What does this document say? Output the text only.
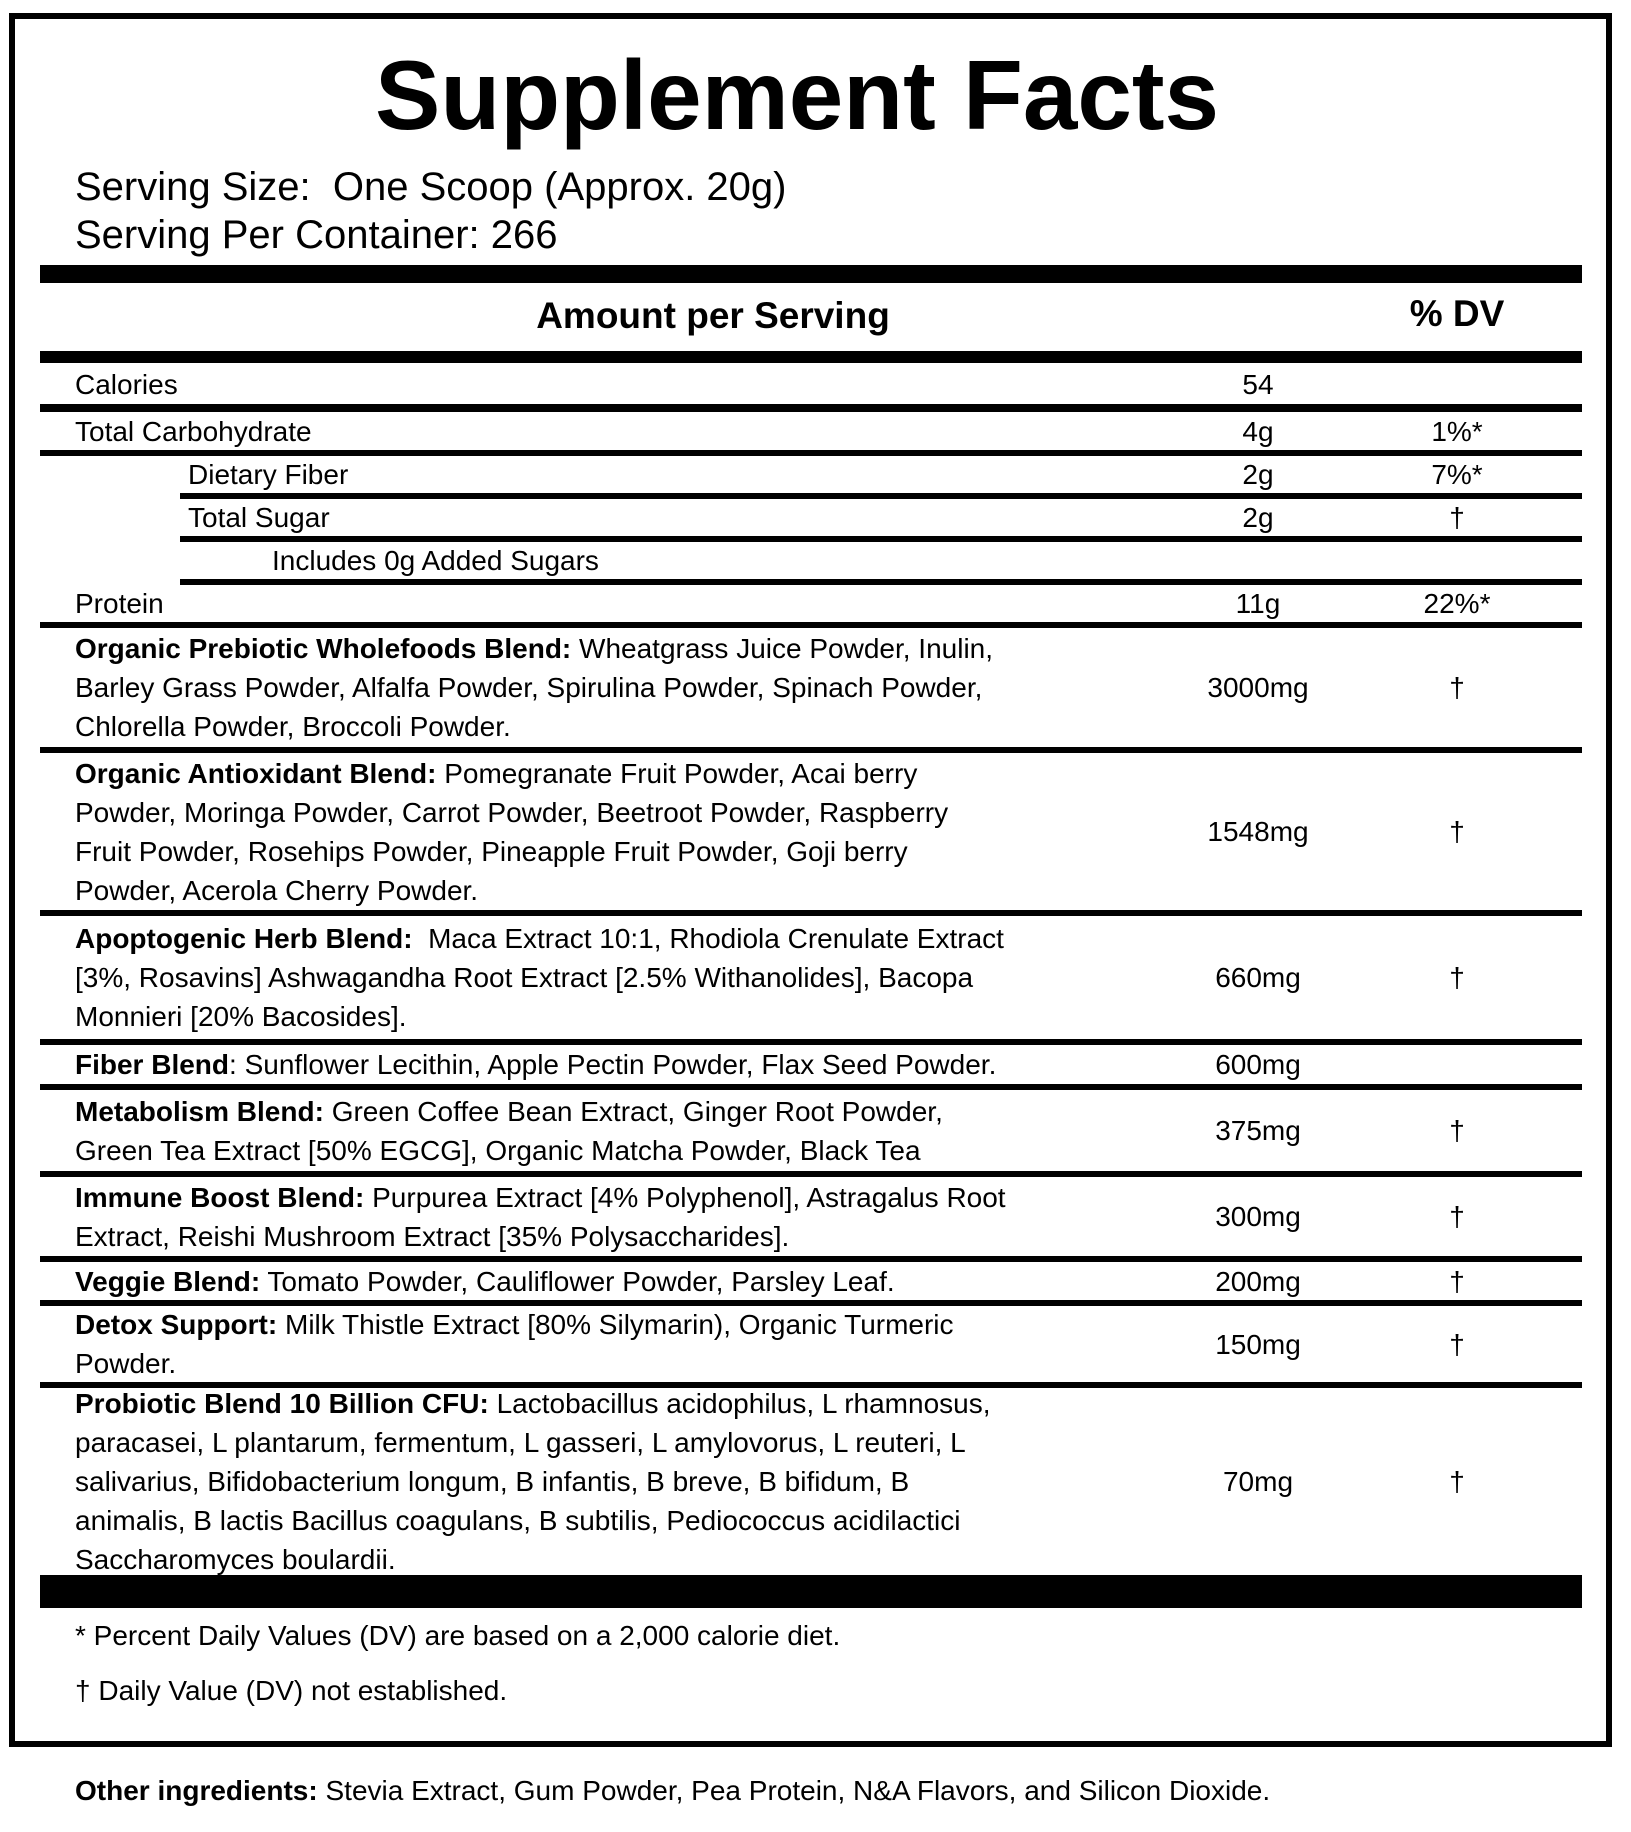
Supplement Facts
Serving Size:  One Scoop (Approx. 20g)
Serving Per Container: 266
Amount per Serving	% DV
Calories	54
Total Carbohydrate	4g	1%*
Dietary Fiber	2g	7%*
Total Sugar	2g	†
Includes 0g Added Sugars
Protein	11g	22%*
Organic Prebiotic Wholefoods Blend: Wheatgrass Juice Powder, Inulin,
Barley Grass Powder, Alfalfa Powder, Spirulina Powder, Spinach Powder,
Chlorella Powder, Broccoli Powder.
3000mg	†
Organic Antioxidant Blend: Pomegranate Fruit Powder, Acai berry
Powder, Moringa Powder, Carrot Powder, Beetroot Powder, Raspberry
Fruit Powder, Rosehips Powder, Pineapple Fruit Powder, Goji berry
Powder, Acerola Cherry Powder.
1548mg	†
Apoptogenic Herb Blend:  Maca Extract 10:1, Rhodiola Crenulate Extract
[3%, Rosavins] Ashwagandha Root Extract [2.5% Withanolides], Bacopa
Monnieri [20% Bacosides].
660mg	†
Fiber Blend: Sunflower Lecithin, Apple Pectin Powder, Flax Seed Powder.	600mg
Metabolism Blend: Green Coffee Bean Extract, Ginger Root Powder,
Green Tea Extract [50% EGCG], Organic Matcha Powder, Black Tea
375mg	†
Immune Boost Blend: Purpurea Extract [4% Polyphenol], Astragalus Root
Extract, Reishi Mushroom Extract [35% Polysaccharides].
300mg	†
Veggie Blend: Tomato Powder, Cauliflower Powder, Parsley Leaf.	200mg	†
Detox Support: Milk Thistle Extract [80% Silymarin), Organic Turmeric
Powder.
150mg	†
Probiotic Blend 10 Billion CFU: Lactobacillus acidophilus, L rhamnosus,
paracasei, L plantarum, fermentum, L gasseri, L amylovorus, L reuteri, L
salivarius, Bifidobacterium longum, B infantis, B breve, B bifidum, B
animalis, B lactis Bacillus coagulans, B subtilis, Pediococcus acidilactici
Saccharomyces boulardii.
70mg	†
* Percent Daily Values (DV) are based on a 2,000 calorie diet.
† Daily Value (DV) not established.
Other ingredients: Stevia Extract, Gum Powder, Pea Protein, N&A Flavors, and Silicon Dioxide.
